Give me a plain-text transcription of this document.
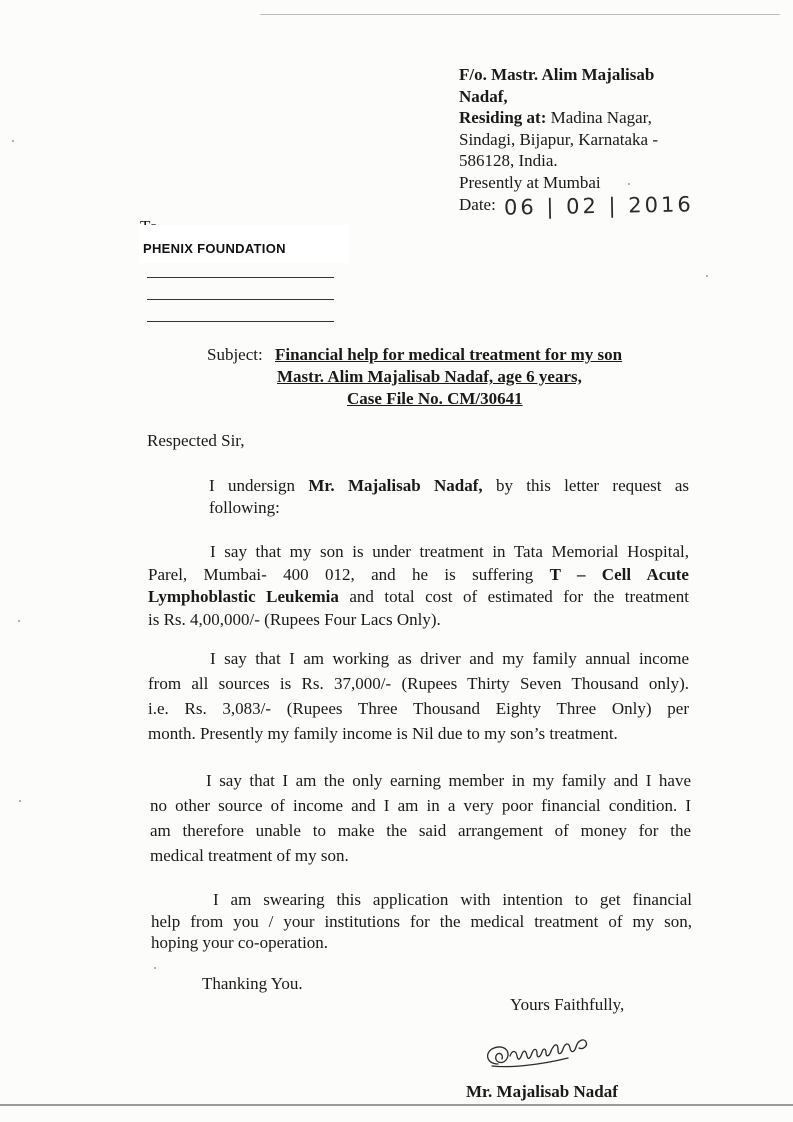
F/o. Mastr. Alim Majalisab
Nadaf,
Residing at: Madina Nagar,
Sindagi, Bijapur, Karnataka -
586128, India.
Presently at Mumbai
Date: 06 | 02 | 2016
PHENIX FOUNDATION
Subject: Financial help for medical treatment for my son
Mastr. Alim Majalisab Nadaf, age 6 years,
Case File No. CM/30641
Respected Sir,
I undersign Mr. Majalisab Nadaf, by this letter request as
following:
I say that my son is under treatment in Tata Memorial Hospital,
Parel, Mumbai- 400 012, and he is suffering T – Cell Acute
Lymphoblastic Leukemia and total cost of estimated for the treatment
is Rs. 4,00,000/- (Rupees Four Lacs Only).
I say that I am working as driver and my family annual income
from all sources is Rs. 37,000/- (Rupees Thirty Seven Thousand only).
i.e. Rs. 3,083/- (Rupees Three Thousand Eighty Three Only) per
month. Presently my family income is Nil due to my son’s treatment.
I say that I am the only earning member in my family and I have
no other source of income and I am in a very poor financial condition. I
am therefore unable to make the said arrangement of money for the
medical treatment of my son.
I am swearing this application with intention to get financial
help from you / your institutions for the medical treatment of my son,
hoping your co-operation.
Thanking You.
Yours Faithfully,
Mr. Majalisab Nadaf
